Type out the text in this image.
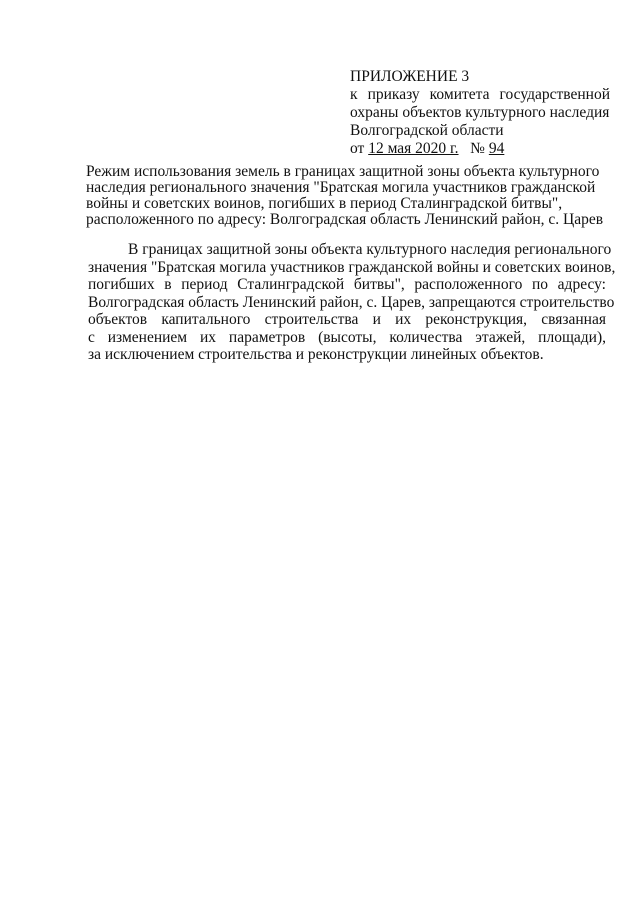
ПРИЛОЖЕНИЕ 3
к приказу комитета государственной
охраны объектов культурного наследия
Волгоградской области
от 12 мая 2020 г. № 94
Режим использования земель в границах защитной зоны объекта культурного
наследия регионального значения "Братская могила участников гражданской
войны и советских воинов, погибших в период Сталинградской битвы",
расположенного по адресу: Волгоградская область Ленинский район, с. Царев
В границах защитной зоны объекта культурного наследия регионального
значения "Братская могила участников гражданской войны и советских воинов,
погибших в период Сталинградской битвы", расположенного по адресу:
Волгоградская область Ленинский район, с. Царев, запрещаются строительство
объектов капитального строительства и их реконструкция, связанная
с изменением их параметров (высоты, количества этажей, площади),
за исключением строительства и реконструкции линейных объектов.
